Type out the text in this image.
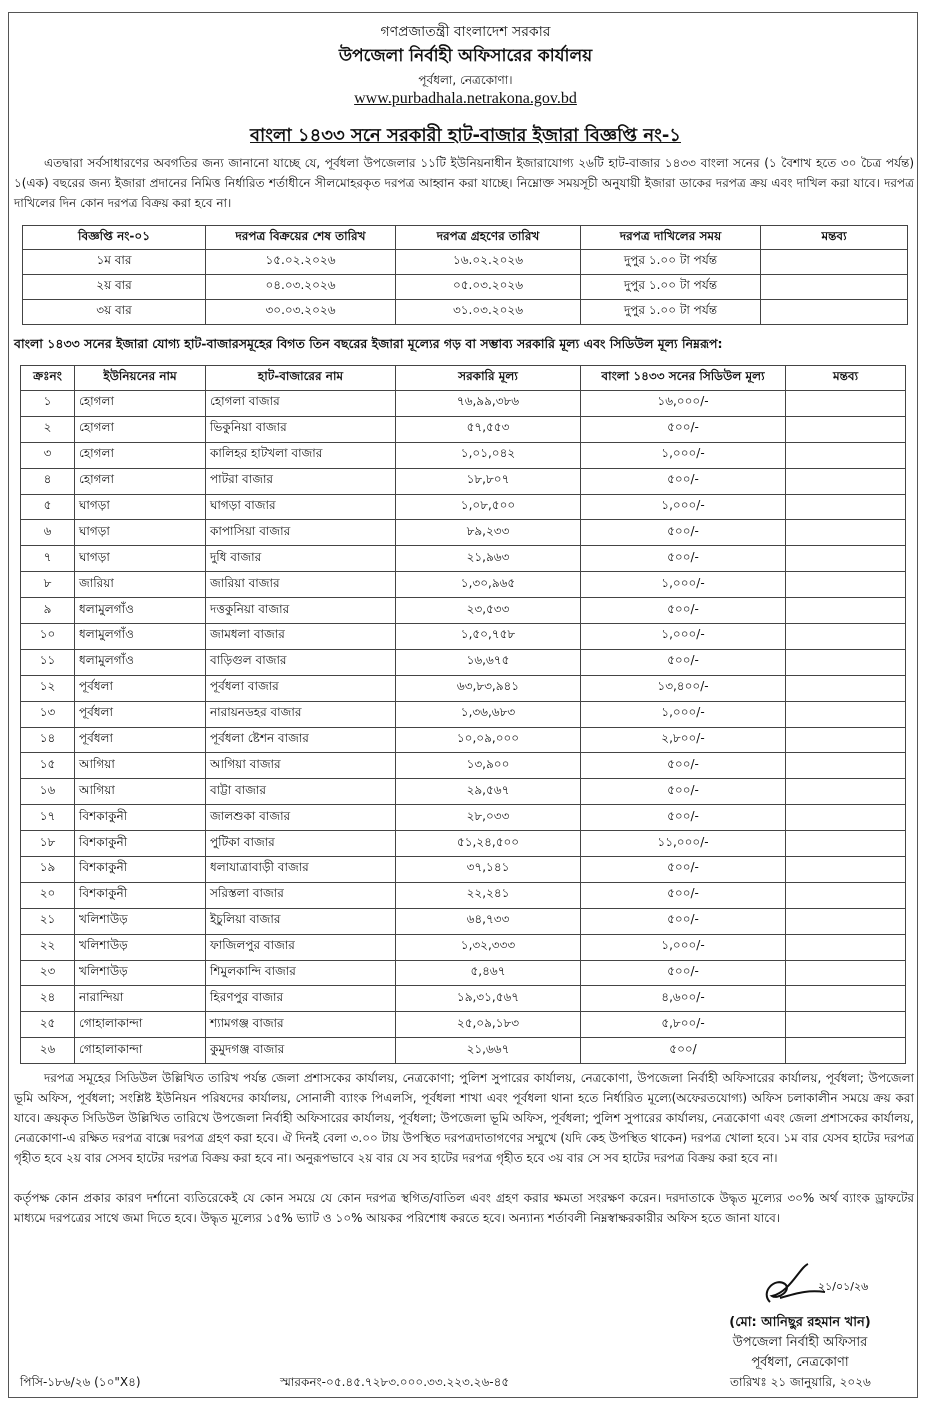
গণপ্রজাতন্ত্রী বাংলাদেশ সরকার
উপজেলা নির্বাহী অফিসারের কার্যালয়
পূর্বধলা, নেত্রকোণা।
www.purbadhala.netrakona.gov.bd
বাংলা ১৪৩৩ সনে সরকারী হাট-বাজার ইজারা বিজ্ঞপ্তি নং-১
এতদ্বারা সর্বসাধারণের অবগতির জন্য জানানো যাচ্ছে যে, পূর্বধলা উপজেলার ১১টি ইউনিয়নাধীন ইজারাযোগ্য ২৬টি হাট-বাজার ১৪৩৩ বাংলা সনের (১ বৈশাখ হতে ৩০ চৈত্র পর্যন্ত) ১(এক) বছরের জন্য ইজারা প্রদানের নিমিত্ত নির্ধারিত শর্তাধীনে সীলমোহরকৃত দরপত্র আহ্বান করা যাচ্ছে। নিম্নোক্ত সময়সূচী অনুযায়ী ইজারা ডাকের দরপত্র ক্রয় এবং দাখিল করা যাবে। দরপত্র দাখিলের দিন কোন দরপত্র বিক্রয় করা হবে না।
বিজ্ঞপ্তি নং-০১	দরপত্র বিক্রয়ের শেষ তারিখ	দরপত্র গ্রহণের তারিখ	দরপত্র দাখিলের সময়	মন্তব্য
১ম বার	১৫.০২.২০২৬	১৬.০২.২০২৬	দুপুর ১.০০ টা পর্যন্ত	
২য় বার	০৪.০৩.২০২৬	০৫.০৩.২০২৬	দুপুর ১.০০ টা পর্যন্ত	
৩য় বার	৩০.০৩.২০২৬	৩১.০৩.২০২৬	দুপুর ১.০০ টা পর্যন্ত	
বাংলা ১৪৩৩ সনের ইজারা যোগ্য হাট-বাজারসমূহের বিগত তিন বছরের ইজারা মূল্যের গড় বা সম্ভাব্য সরকারি মূল্য এবং সিডিউল মূল্য নিম্নরূপ:
ক্রঃনং	ইউনিয়নের নাম	হাট-বাজারের নাম	সরকারি মূল্য	বাংলা ১৪৩৩ সনের সিডিউল মূল্য	মন্তব্য
১	হোগলা	হোগলা বাজার	৭৬,৯৯,৩৮৬	১৬,০০০/-	
২	হোগলা	ভিকুনিয়া বাজার	৫৭,৫৫৩	৫০০/-	
৩	হোগলা	কালিহর হাটখলা বাজার	১,০১,০৪২	১,০০০/-	
৪	হোগলা	পাটরা বাজার	১৮,৮০৭	৫০০/-	
৫	ঘাগড়া	ঘাগড়া বাজার	১,০৮,৫০০	১,০০০/-	
৬	ঘাগড়া	কাপাসিয়া বাজার	৮৯,২৩৩	৫০০/-	
৭	ঘাগড়া	দুধি বাজার	২১,৯৬৩	৫০০/-	
৮	জারিয়া	জারিয়া বাজার	১,৩০,৯৬৫	১,০০০/-	
৯	ধলামুলগাঁও	দত্তকুনিয়া বাজার	২৩,৫৩৩	৫০০/-	
১০	ধলামুলগাঁও	জামধলা বাজার	১,৫০,৭৫৮	১,০০০/-	
১১	ধলামুলগাঁও	বাড়িগুল বাজার	১৬,৬৭৫	৫০০/-	
১২	পূর্বধলা	পূর্বধলা বাজার	৬৩,৮৩,৯৪১	১৩,৪০০/-	
১৩	পূর্বধলা	নারায়নডহর বাজার	১,৩৬,৬৮৩	১,০০০/-	
১৪	পূর্বধলা	পূর্বধলা ষ্টেশন বাজার	১০,০৯,০০০	২,৮০০/-	
১৫	আগিয়া	আগিয়া বাজার	১৩,৯০০	৫০০/-	
১৬	আগিয়া	বাট্টা বাজার	২৯,৫৬৭	৫০০/-	
১৭	বিশকাকুনী	জালশুকা বাজার	২৮,০৩৩	৫০০/-	
১৮	বিশকাকুনী	পুটিকা বাজার	৫১,২৪,৫০০	১১,০০০/-	
১৯	বিশকাকুনী	ধলাযাত্রাবাড়ী বাজার	৩৭,১৪১	৫০০/-	
২০	বিশকাকুনী	সরিস্তলা বাজার	২২,২৪১	৫০০/-	
২১	খলিশাউড়	ইচুলিয়া বাজার	৬৪,৭৩৩	৫০০/-	
২২	খলিশাউড়	ফাজিলপুর বাজার	১,৩২,৩৩৩	১,০০০/-	
২৩	খলিশাউড়	শিমুলকান্দি বাজার	৫,৪৬৭	৫০০/-	
২৪	নারান্দিয়া	হিরণপুর বাজার	১৯,৩১,৫৬৭	৪,৬০০/-	
২৫	গোহালাকান্দা	শ্যামগঞ্জ বাজার	২৫,০৯,১৮৩	৫,৮০০/-	
২৬	গোহালাকান্দা	কুমুদগঞ্জ বাজার	২১,৬৬৭	৫০০/	
দরপত্র সমূহের সিডিউল উল্লিখিত তারিখ পর্যন্ত জেলা প্রশাসকের কার্যালয়, নেত্রকোণা; পুলিশ সুপারের কার্যালয়, নেত্রকোণা, উপজেলা নির্বাহী অফিসারের কার্যালয়, পূর্বধলা; উপজেলা ভূমি অফিস, পূর্বধলা; সংশ্লিষ্ট ইউনিয়ন পরিষদের কার্যালয়, সোনালী ব্যাংক পিএলসি, পূর্বধলা শাখা এবং পূর্বধলা থানা হতে নির্ধারিত মূল্যে(অফেরতযোগ্য) অফিস চলাকালীন সময়ে ক্রয় করা যাবে। ক্রয়কৃত সিডিউল উল্লিখিত তারিখে উপজেলা নির্বাহী অফিসারের কার্যালয়, পূর্বধলা; উপজেলা ভূমি অফিস, পূর্বধলা; পুলিশ সুপারের কার্যালয়, নেত্রকোণা এবং জেলা প্রশাসকের কার্যালয়, নেত্রকোণা-এ রক্ষিত দরপত্র বাক্সে দরপত্র গ্রহণ করা হবে। ঐ দিনই বেলা ৩.০০ টায় উপস্থিত দরপত্রদাতাগণের সম্মুখে (যদি কেহ উপস্থিত থাকেন) দরপত্র খোলা হবে। ১ম বার যেসব হাটের দরপত্র গৃহীত হবে ২য় বার সেসব হাটের দরপত্র বিক্রয় করা হবে না। অনুরূপভাবে ২য় বার যে সব হাটের দরপত্র গৃহীত হবে ৩য় বার সে সব হাটের দরপত্র বিক্রয় করা হবে না।
কর্তৃপক্ষ কোন প্রকার কারণ দর্শানো ব্যতিরেকেই যে কোন সময়ে যে কোন দরপত্র স্থগিত/বাতিল এবং গ্রহণ করার ক্ষমতা সংরক্ষণ করেন। দরদাতাকে উদ্ধৃত মূল্যের ৩০% অর্থ ব্যাংক ড্রাফটের মাধ্যমে দরপত্রের সাথে জমা দিতে হবে। উদ্ধৃত মূল্যের ১৫% ভ্যাট ও ১০% আয়কর পরিশোধ করতে হবে। অন্যান্য শর্তাবলী নিম্নস্বাক্ষরকারীর অফিস হতে জানা যাবে।
২১/০১/২৬
(মো: আনিছুর রহমান খান)
উপজেলা নির্বাহী অফিসার
পূর্বধলা, নেত্রকোণা
পিসি-১৮৬/২৬ (১০"X৪)	স্মারকনং-০৫.৪৫.৭২৮৩.০০০.৩৩.২২৩.২৬-৪৫	তারিখঃ ২১ জানুয়ারি, ২০২৬
